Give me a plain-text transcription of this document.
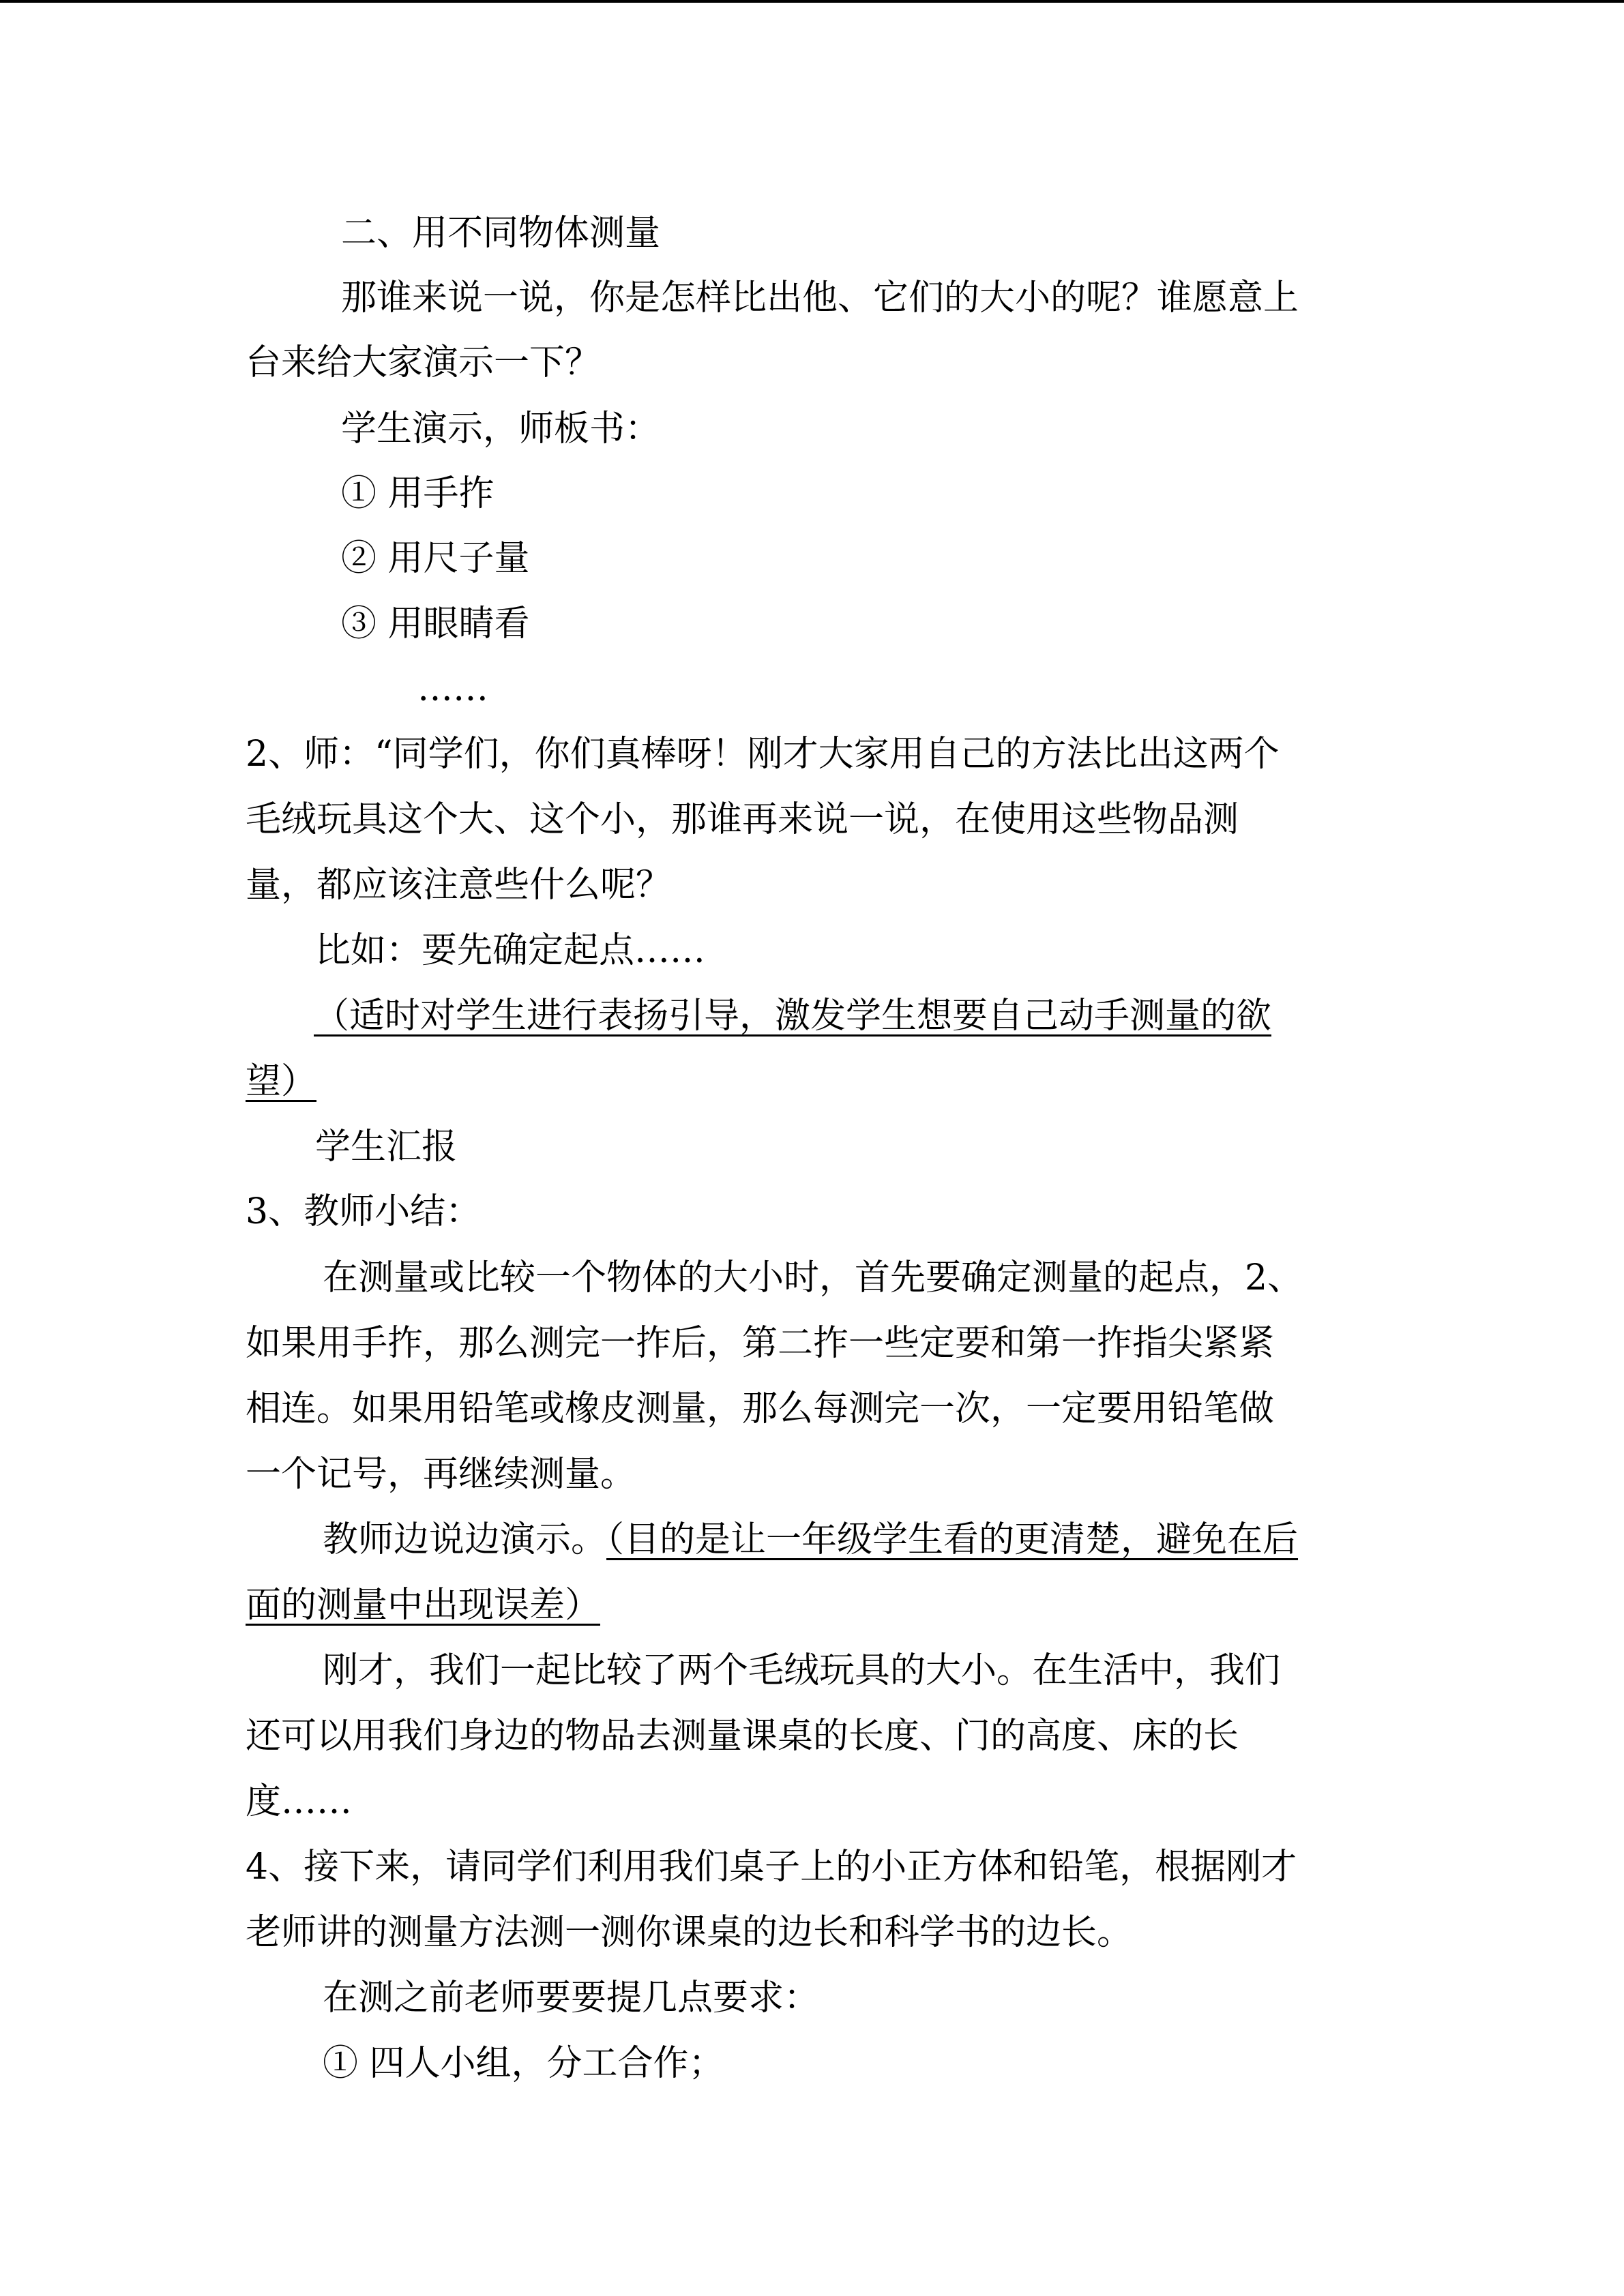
二、用不同物体测量
那谁来说一说，你是怎样比出他、它们的大小的呢？谁愿意上
台来给大家演示一下？
学生演示，师板书：
① 用手拃
② 用尺子量
③ 用眼睛看
……
2、师：“同学们，你们真棒呀！刚才大家用自己的方法比出这两个
毛绒玩具这个大、这个小，那谁再来说一说，在使用这些物品测
量，都应该注意些什么呢？
比如：要先确定起点……
（适时对学生进行表扬引导，激发学生想要自己动手测量的欲
望）
学生汇报
3、教师小结：
在测量或比较一个物体的大小时，首先要确定测量的起点，2、
如果用手拃，那么测完一拃后，第二拃一些定要和第一拃指尖紧紧
相连。如果用铅笔或橡皮测量，那么每测完一次，一定要用铅笔做
一个记号，再继续测量。
教师边说边演示。（目的是让一年级学生看的更清楚，避免在后
面的测量中出现误差）
刚才，我们一起比较了两个毛绒玩具的大小。在生活中，我们
还可以用我们身边的物品去测量课桌的长度、门的高度、床的长
度……
4、接下来，请同学们利用我们桌子上的小正方体和铅笔，根据刚才
老师讲的测量方法测一测你课桌的边长和科学书的边长。
在测之前老师要要提几点要求：
① 四人小组，分工合作；
